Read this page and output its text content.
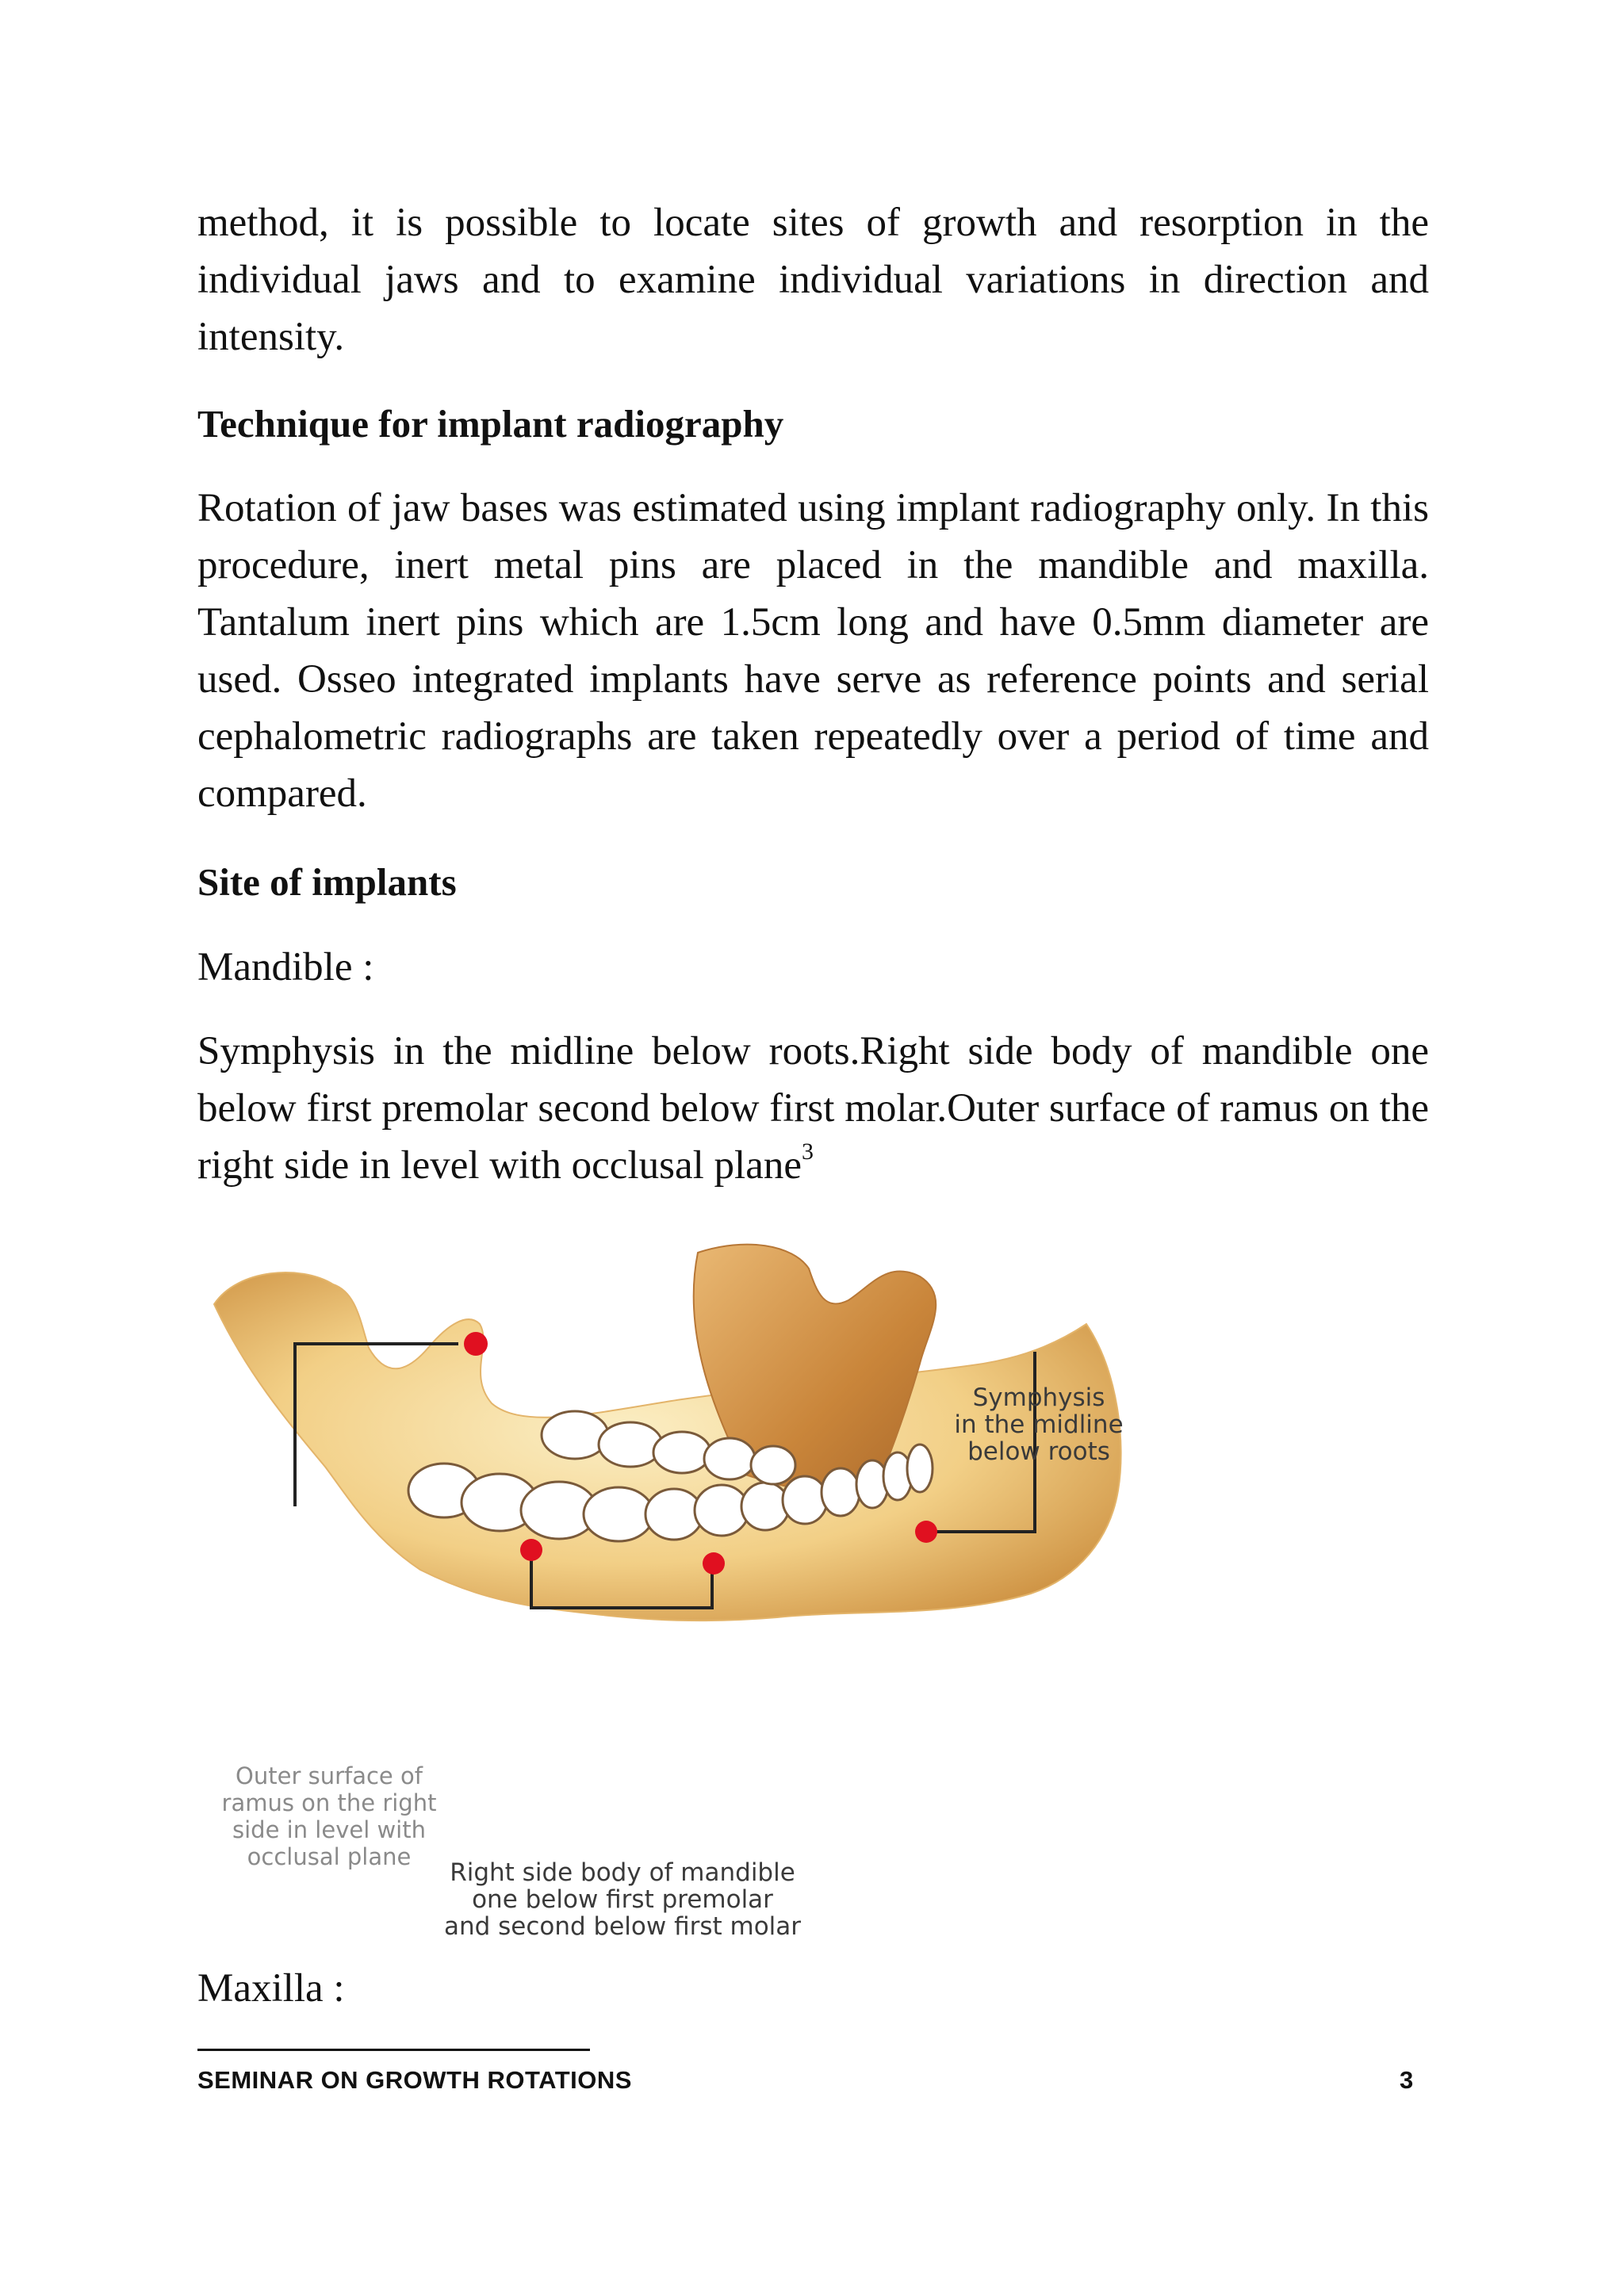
method, it is possible to locate sites of growth and resorption in the individual jaws and to examine individual variations in direction and intensity.

Technique for implant radiography

Rotation of jaw bases was estimated using implant radiography only. In this procedure, inert metal pins are placed in the mandible and maxilla. Tantalum inert pins which are 1.5cm long and have 0.5mm diameter are used. Osseo integrated implants have serve as reference points and serial cephalometric radiographs are taken repeatedly over a period of time and compared.

Site of implants

Mandible :

Symphysis in the midline below roots.Right side body of mandible one below first premolar second below first molar.Outer surface of ramus on the right side in level with occlusal plane$^3$

Symphysis
in the midline
below roots
Outer surface of
ramus on the right
side in level with
occlusal plane
Right side body of mandible
one below first premolar
and second below first molar

Maxilla :

SEMINAR ON GROWTH ROTATIONS	3
